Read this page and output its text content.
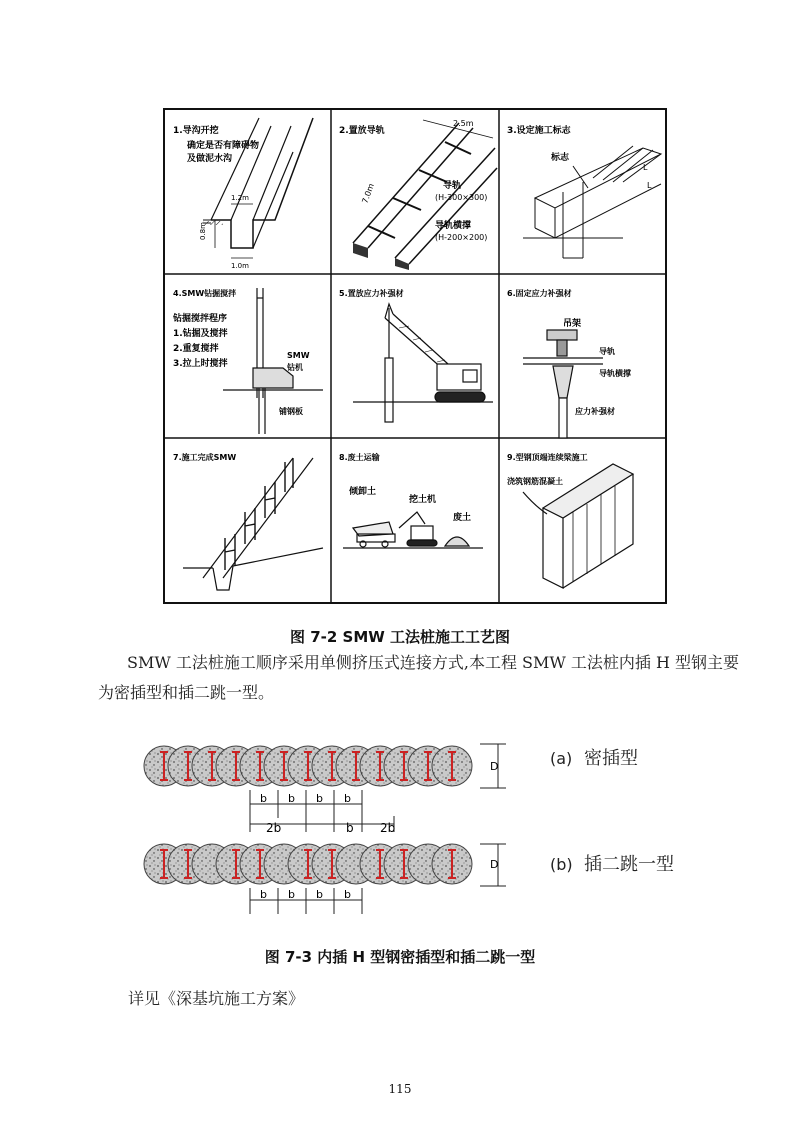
1.导沟开挖
确定是否有障碍物
及做泥水沟
1.2m
0.8m
1.0m
2.置放导轨
2.5m
7.0m	导轨
(H-300×300)
导轨横撑
(H-200×200)
3.设定施工标志
标志
L
L
4.SMW钻掘搅拌
钻掘搅拌程序
1.钻掘及搅拌
2.重复搅拌
3.拉上时搅拌
SMW
钻机
铺钢板
5.置放应力补强材	6.固定应力补强材
吊架
导轨
导轨横撑
应力补强材
7.施工完成SMW	8.废土运输
倾卸土
挖土机
废土
9.型钢顶端连续梁施工
浇筑钢筋混凝土
图 7-2 SMW 工法桩施工工艺图
SMW 工法桩施工顺序采用单侧挤压式连接方式,本工程 SMW 工法桩内插 H 型钢主要
为密插型和插二跳一型。
D
b b b b
(a) 密插型
2b	b 2b
D
b b b b
(b) 插二跳一型
图 7-3 内插 H 型钢密插型和插二跳一型
详见《深基坑施工方案》
115
